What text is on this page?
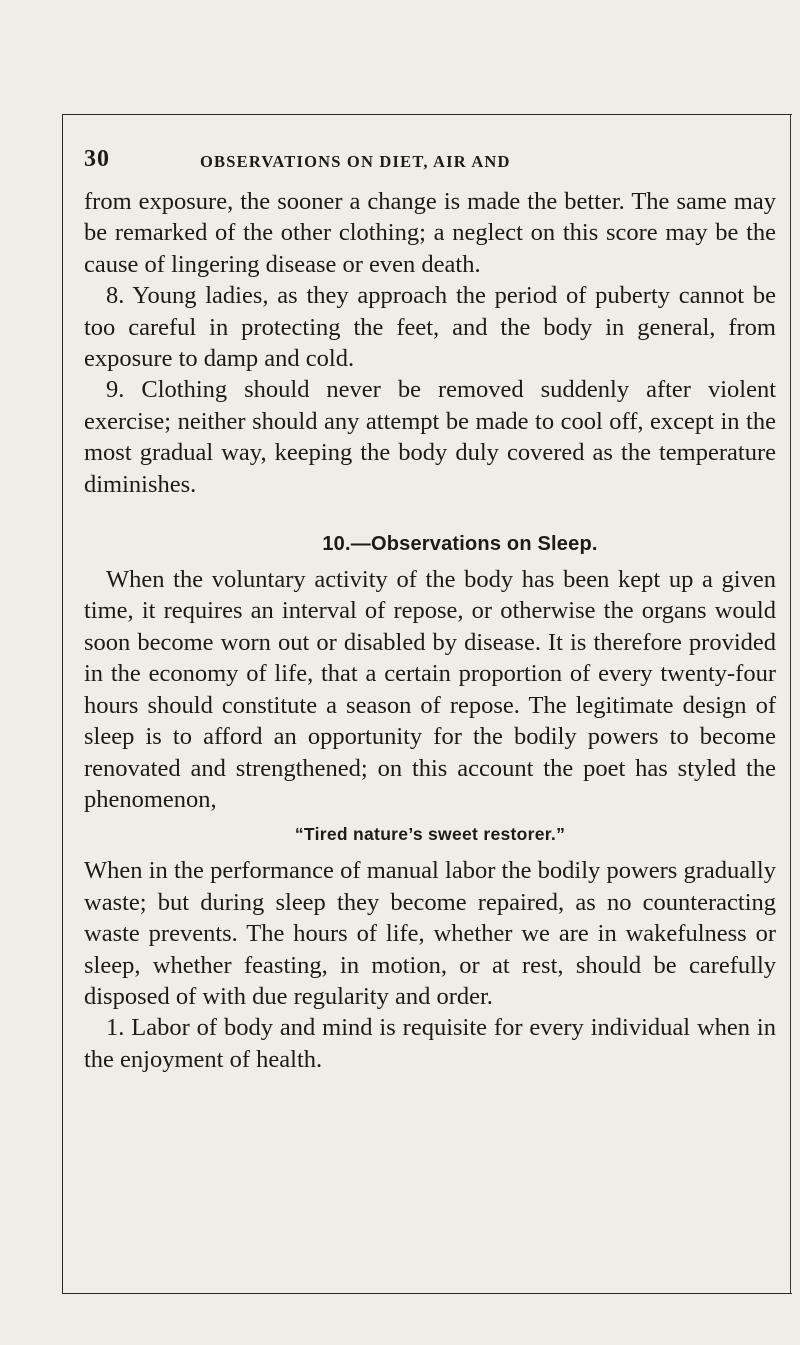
30	OBSERVATIONS ON DIET, AIR AND

from exposure, the sooner a change is made the better. The same may be remarked of the other clothing; a neglect on this score may be the cause of lingering disease or even death.

8. Young ladies, as they approach the period of puberty cannot be too careful in protecting the feet, and the body in general, from exposure to damp and cold.

9. Clothing should never be removed suddenly after violent exercise; neither should any attempt be made to cool off, except in the most gradual way, keeping the body duly covered as the temperature diminishes.

10.—Observations on Sleep.

When the voluntary activity of the body has been kept up a given time, it requires an interval of repose, or otherwise the organs would soon become worn out or disabled by disease. It is therefore provided in the economy of life, that a certain proportion of every twenty-four hours should constitute a season of repose. The legitimate design of sleep is to afford an opportunity for the bodily powers to become renovated and strengthened; on this account the poet has styled the phenomenon,

“Tired nature’s sweet restorer.”

When in the performance of manual labor the bodily powers gradually waste; but during sleep they become repaired, as no counteracting waste prevents. The hours of life, whether we are in wakefulness or sleep, whether feasting, in motion, or at rest, should be carefully disposed of with due regularity and order.

1. Labor of body and mind is requisite for every individual when in the enjoyment of health.
